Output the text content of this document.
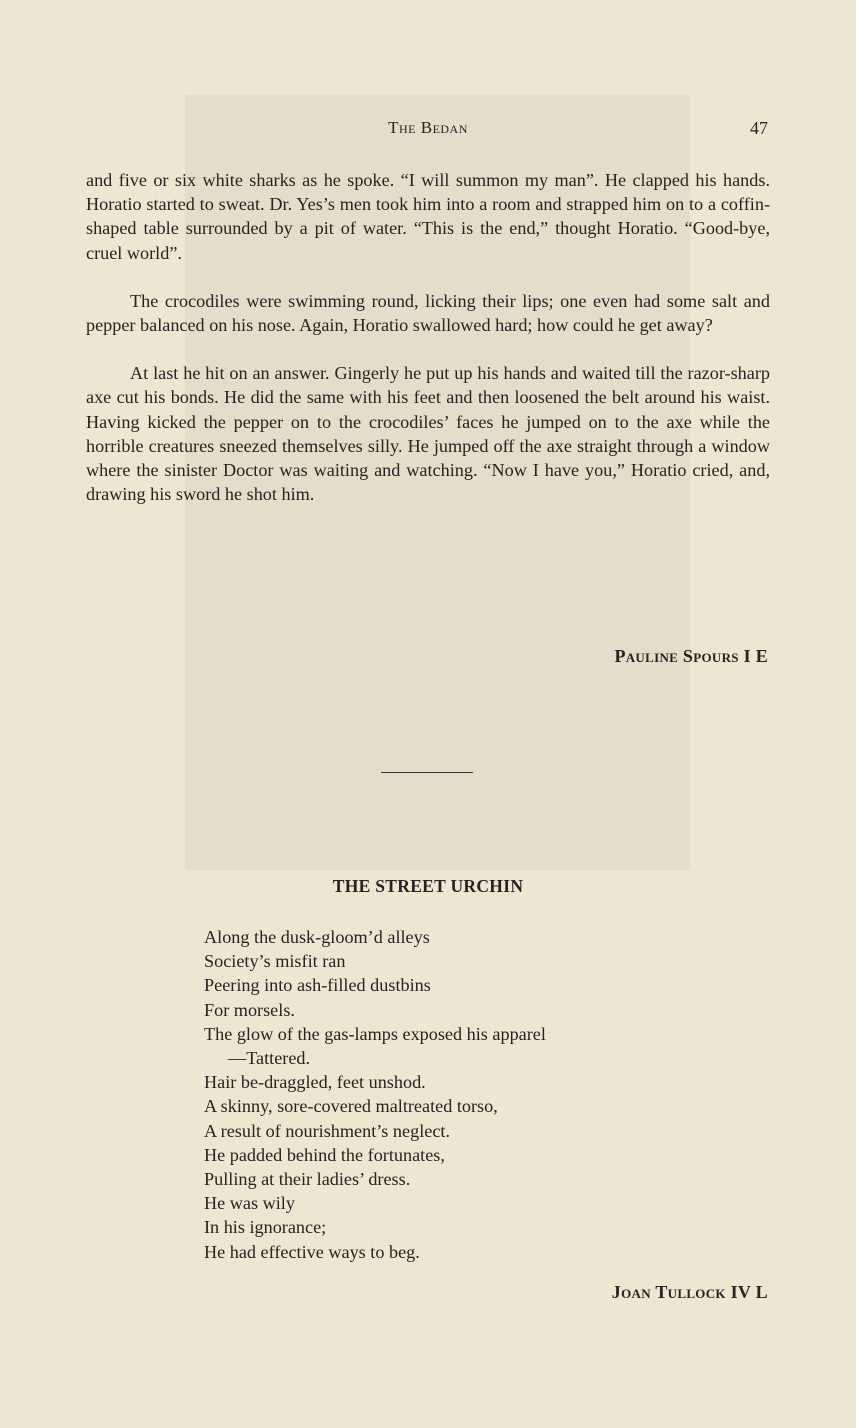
The Bedan	47

and five or six white sharks as he spoke. “I will summon my man”. He clapped his hands. Horatio started to sweat. Dr. Yes’s men took him into a room and strapped him on to a coffin-shaped table surrounded by a pit of water. “This is the end,” thought Horatio. “Good-bye, cruel world”.

The crocodiles were swimming round, licking their lips; one even had some salt and pepper balanced on his nose. Again, Horatio swallowed hard; how could he get away?

At last he hit on an answer. Gingerly he put up his hands and waited till the razor-sharp axe cut his bonds. He did the same with his feet and then loosened the belt around his waist. Having kicked the pepper on to the crocodiles’ faces he jumped on to the axe while the horrible creatures sneezed themselves silly. He jumped off the axe straight through a window where the sinister Doctor was waiting and watching. “Now I have you,” Horatio cried, and, drawing his sword he shot him.

Pauline Spours I E
THE STREET URCHIN
Along the dusk-gloom’d alleys
Society’s misfit ran
Peering into ash-filled dustbins
For morsels.
The glow of the gas-lamps exposed his apparel
—Tattered.
Hair be-draggled, feet unshod.
A skinny, sore-covered maltreated torso,
A result of nourishment’s neglect.
He padded behind the fortunates,
Pulling at their ladies’ dress.
He was wily
In his ignorance;
He had effective ways to beg.
Joan Tullock IV L
